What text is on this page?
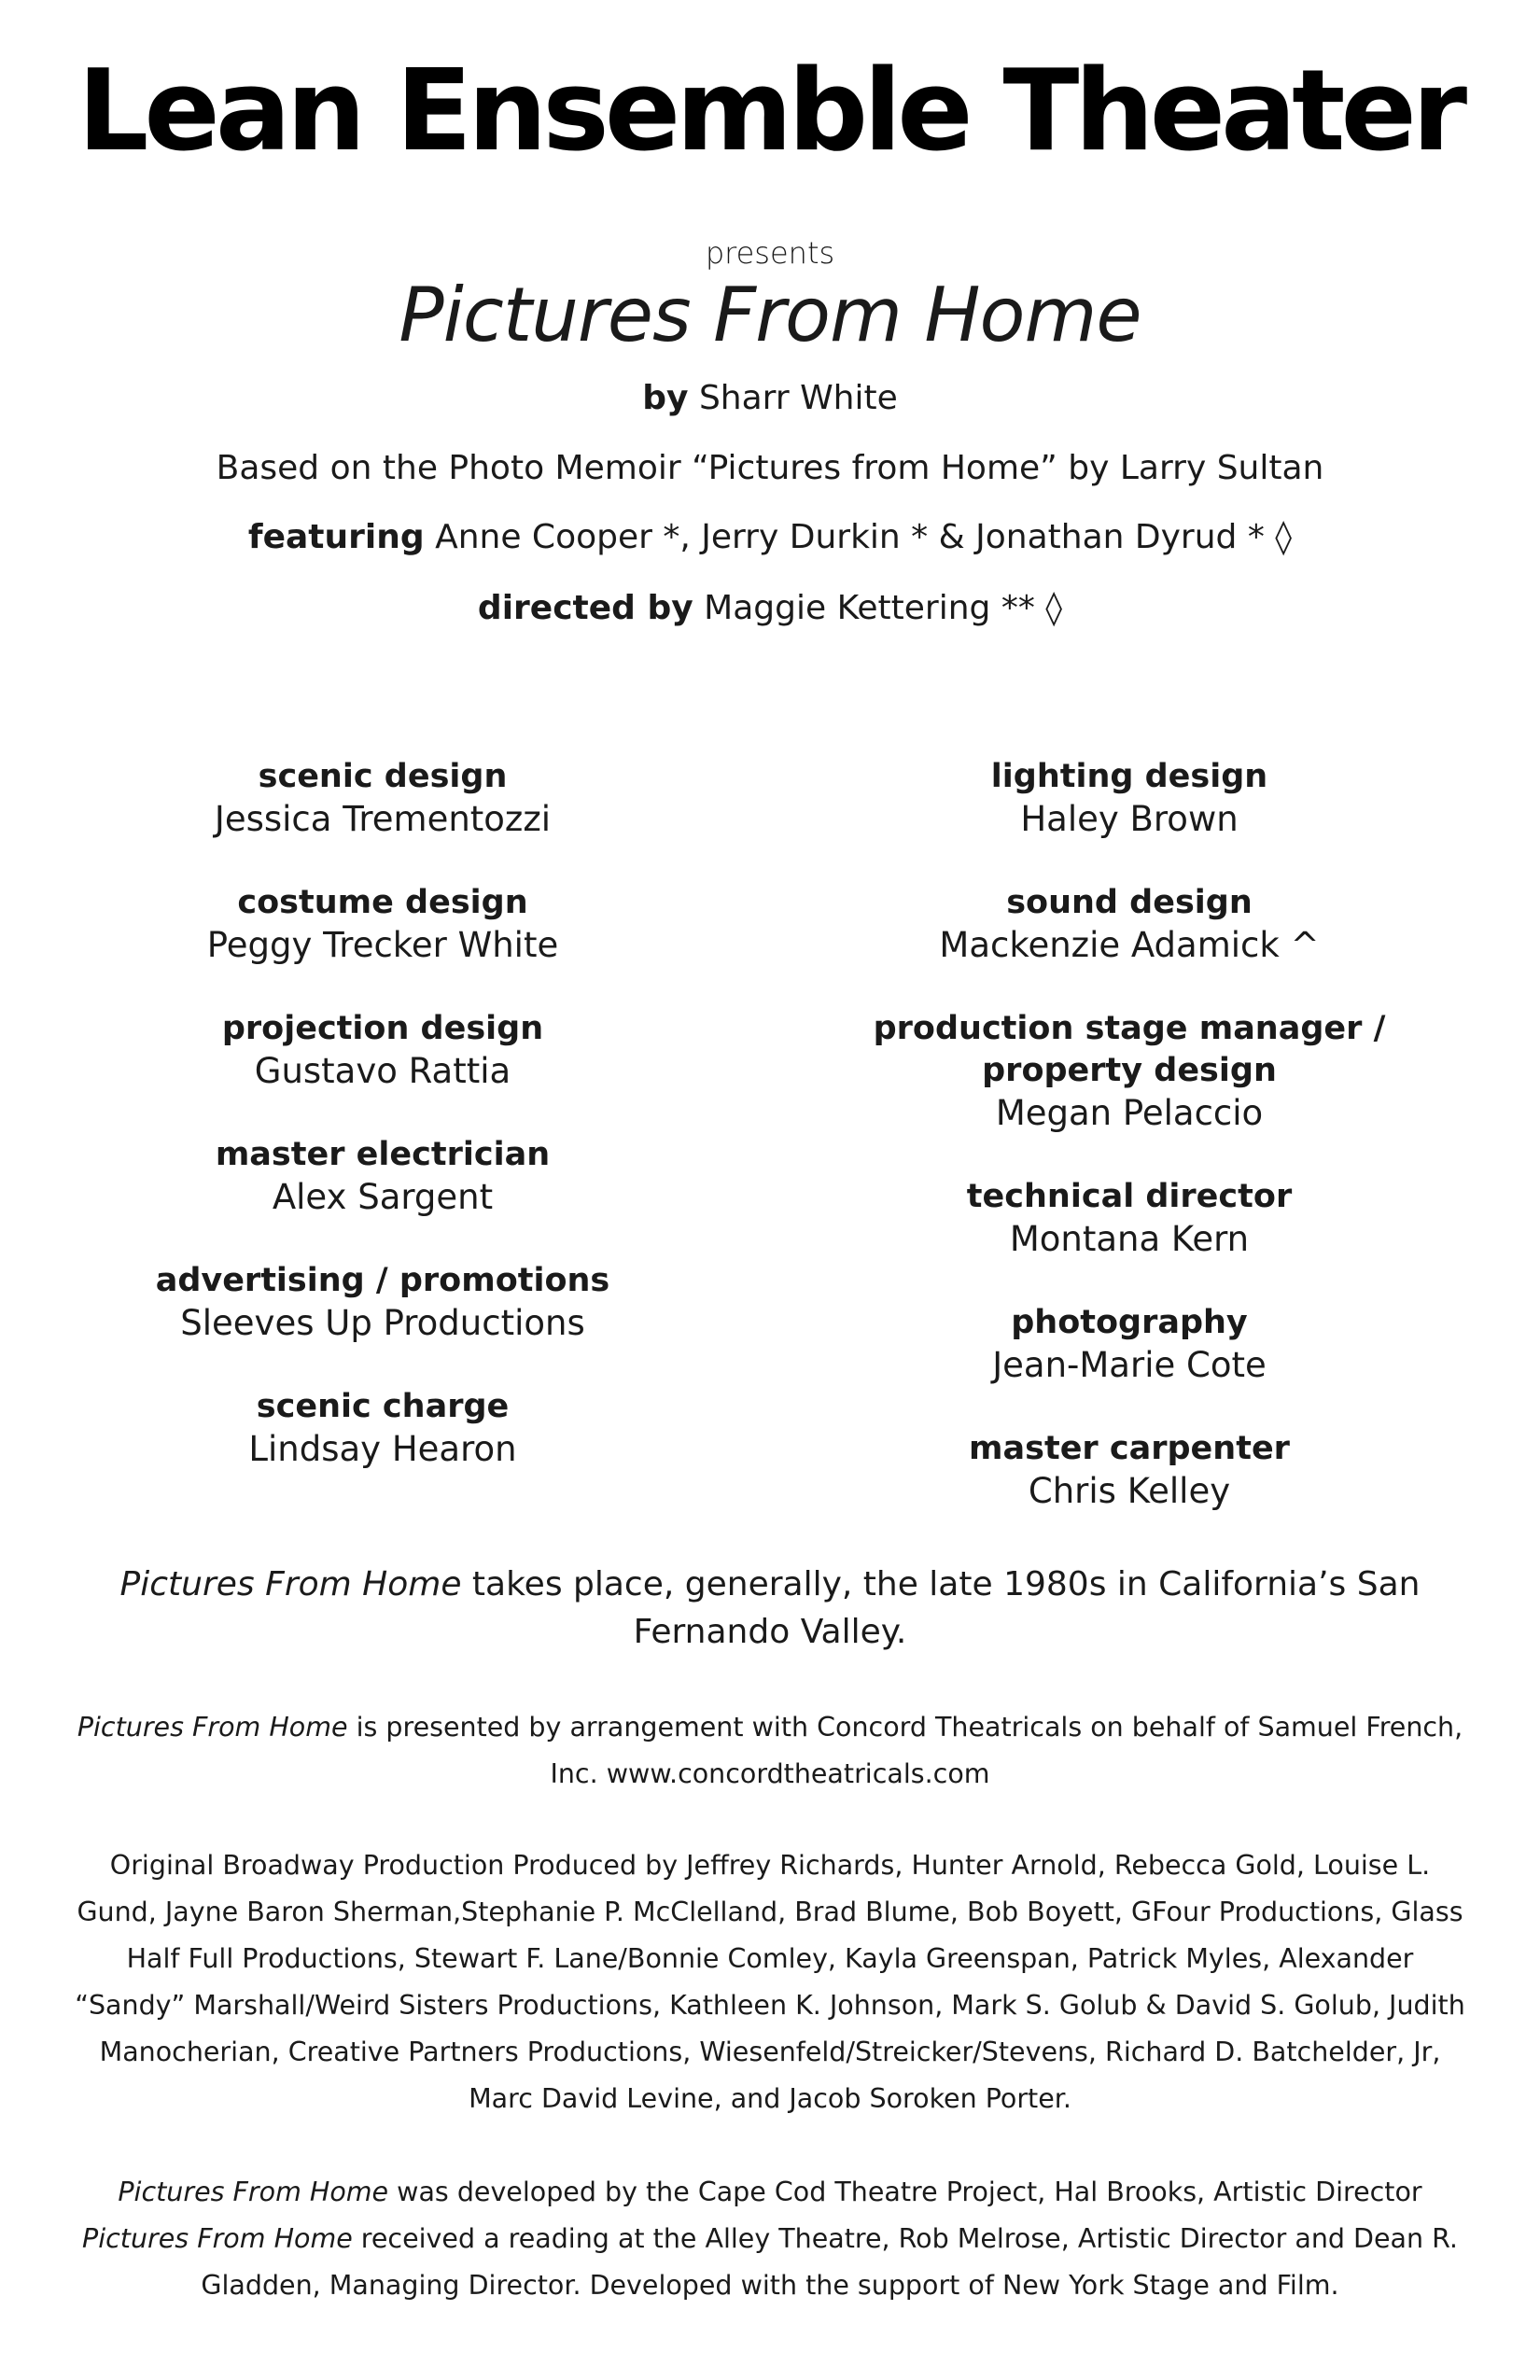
Lean Ensemble Theater
presents
Pictures From Home
by Sharr White
Based on the Photo Memoir “Pictures from Home” by Larry Sultan
featuring Anne Cooper *, Jerry Durkin * & Jonathan Dyrud * ◊
directed by Maggie Kettering ** ◊
scenic design
Jessica Trementozzi
costume design
Peggy Trecker White
projection design
Gustavo Rattia
master electrician
Alex Sargent
advertising / promotions
Sleeves Up Productions
scenic charge
Lindsay Hearon
lighting design
Haley Brown
sound design
Mackenzie Adamick ^
production stage manager /
property design
Megan Pelaccio
technical director
Montana Kern
photography
Jean-Marie Cote
master carpenter
Chris Kelley
Pictures From Home takes place, generally, the late 1980s in California’s San Fernando Valley.
Pictures From Home is presented by arrangement with Concord Theatricals on behalf of Samuel French, Inc. www.concordtheatricals.com
Original Broadway Production Produced by Jeffrey Richards, Hunter Arnold, Rebecca Gold, Louise L. Gund, Jayne Baron Sherman,Stephanie P. McClelland, Brad Blume, Bob Boyett, GFour Productions, Glass Half Full Productions, Stewart F. Lane/Bonnie Comley, Kayla Greenspan, Patrick Myles, Alexander “Sandy” Marshall/Weird Sisters Productions, Kathleen K. Johnson, Mark S. Golub & David S. Golub, Judith Manocherian, Creative Partners Productions, Wiesenfeld/Streicker/Stevens, Richard D. Batchelder, Jr, Marc David Levine, and Jacob Soroken Porter.
Pictures From Home was developed by the Cape Cod Theatre Project, Hal Brooks, Artistic Director
Pictures From Home received a reading at the Alley Theatre, Rob Melrose, Artistic Director and Dean R. Gladden, Managing Director. Developed with the support of New York Stage and Film.
